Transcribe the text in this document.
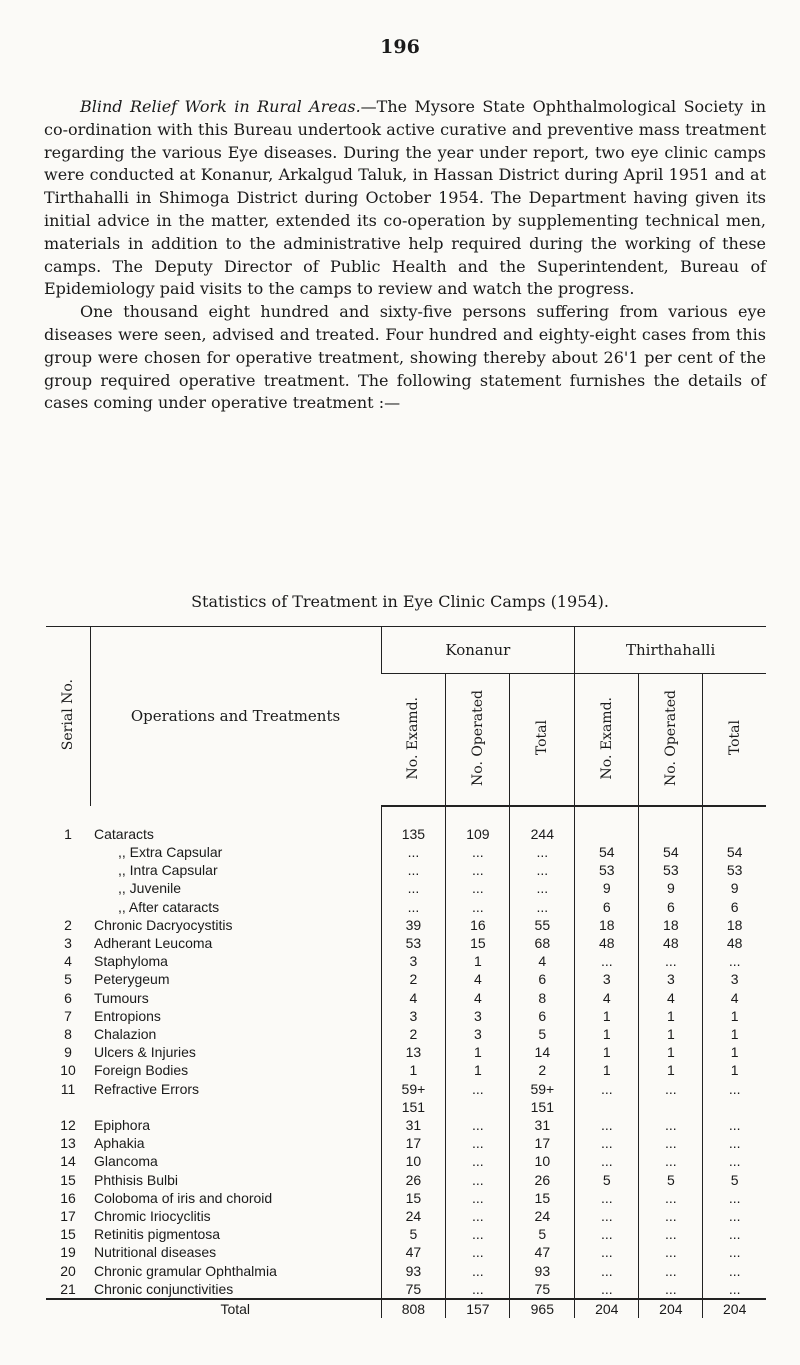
196

Blind Relief Work in Rural Areas.—The Mysore State Ophthalmological Society in co-ordination with this Bureau undertook active curative and preventive mass treatment regarding the various Eye diseases. During the year under report, two eye clinic camps were conducted at Konanur, Arkalgud Taluk, in Hassan District during April 1951 and at Tirthahalli in Shimoga District during October 1954. The Department having given its initial advice in the matter, extended its co-operation by supplementing technical men, materials in addition to the administrative help required during the working of these camps. The Deputy Director of Public Health and the Superintendent, Bureau of Epidemiology paid visits to the camps to review and watch the progress.

One thousand eight hundred and sixty-five persons suffering from various eye diseases were seen, advised and treated. Four hundred and eighty-eight cases from this group were chosen for operative treatment, showing thereby about 26'1 per cent of the group required operative treatment. The following statement furnishes the details of cases coming under operative treatment :—

Statistics of Treatment in Eye Clinic Camps (1954).
Serial No.	Operations and Treatments	Konanur			Thirthahalli		
		No. Examd.	No. Operated	Total	No. Examd.	No. Operated	Total

1	Cataracts	135	109	244			
	,, Extra Capsular	...	...	...	54	54	54
	,, Intra Capsular	...	...	...	53	53	53
	,, Juvenile	...	...	...	9	9	9
	,, After cataracts	...	...	...	6	6	6
2	Chronic Dacryocystitis	39	16	55	18	18	18
3	Adherant Leucoma	53	15	68	48	48	48
4	Staphyloma	3	1	4	...	...	...
5	Peterygeum	2	4	6	3	3	3
6	Tumours	4	4	8	4	4	4
7	Entropions	3	3	6	1	1	1
8	Chalazion	2	3	5	1	1	1
9	Ulcers & Injuries	13	1	14	1	1	1
10	Foreign Bodies	1	1	2	1	1	1
11	Refractive Errors	59+	...	59+	...	...	...
		151		151			
12	Epiphora	31	...	31	...	...	...
13	Aphakia	17	...	17	...	...	...
14	Glancoma	10	...	10	...	...	...
15	Phthisis Bulbi	26	...	26	5	5	5
16	Coloboma of iris and choroid	15	...	15	...	...	...
17	Chromic Iriocyclitis	24	...	24	...	...	...
15	Retinitis pigmentosa	5	...	5	...	...	...
19	Nutritional diseases	47	...	47	...	...	...
20	Chronic gramular Ophthalmia	93	...	93	...	...	...
21	Chronic conjunctivities	75	...	75	...	...	...
	Total	808	157	965	204	204	204
